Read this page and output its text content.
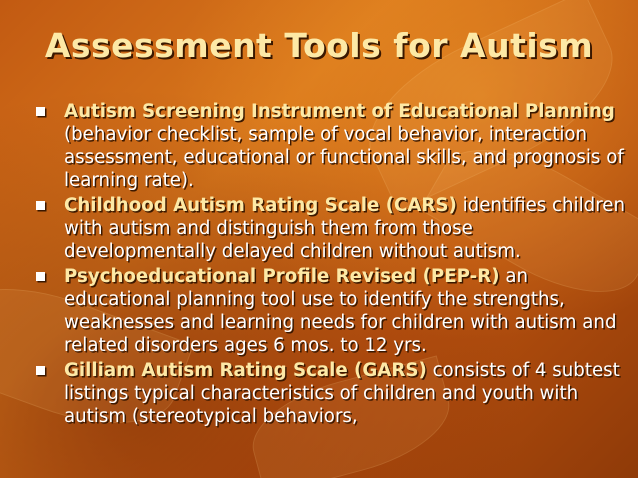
Assessment Tools for Autism
Autism Screening Instrument of Educational Planning (behavior checklist, sample of vocal behavior, interaction assessment, educational or functional skills, and prognosis of learning rate).
Childhood Autism Rating Scale (CARS) identifies children with autism and distinguish them from those developmentally delayed children without autism.
Psychoeducational Profile Revised (PEP-R) an educational planning tool use to identify the strengths, weaknesses and learning needs for children with autism and related disorders ages 6 mos. to 12 yrs.
Gilliam Autism Rating Scale (GARS) consists of 4 subtest listings typical characteristics of children and youth with autism (stereotypical behaviors,
